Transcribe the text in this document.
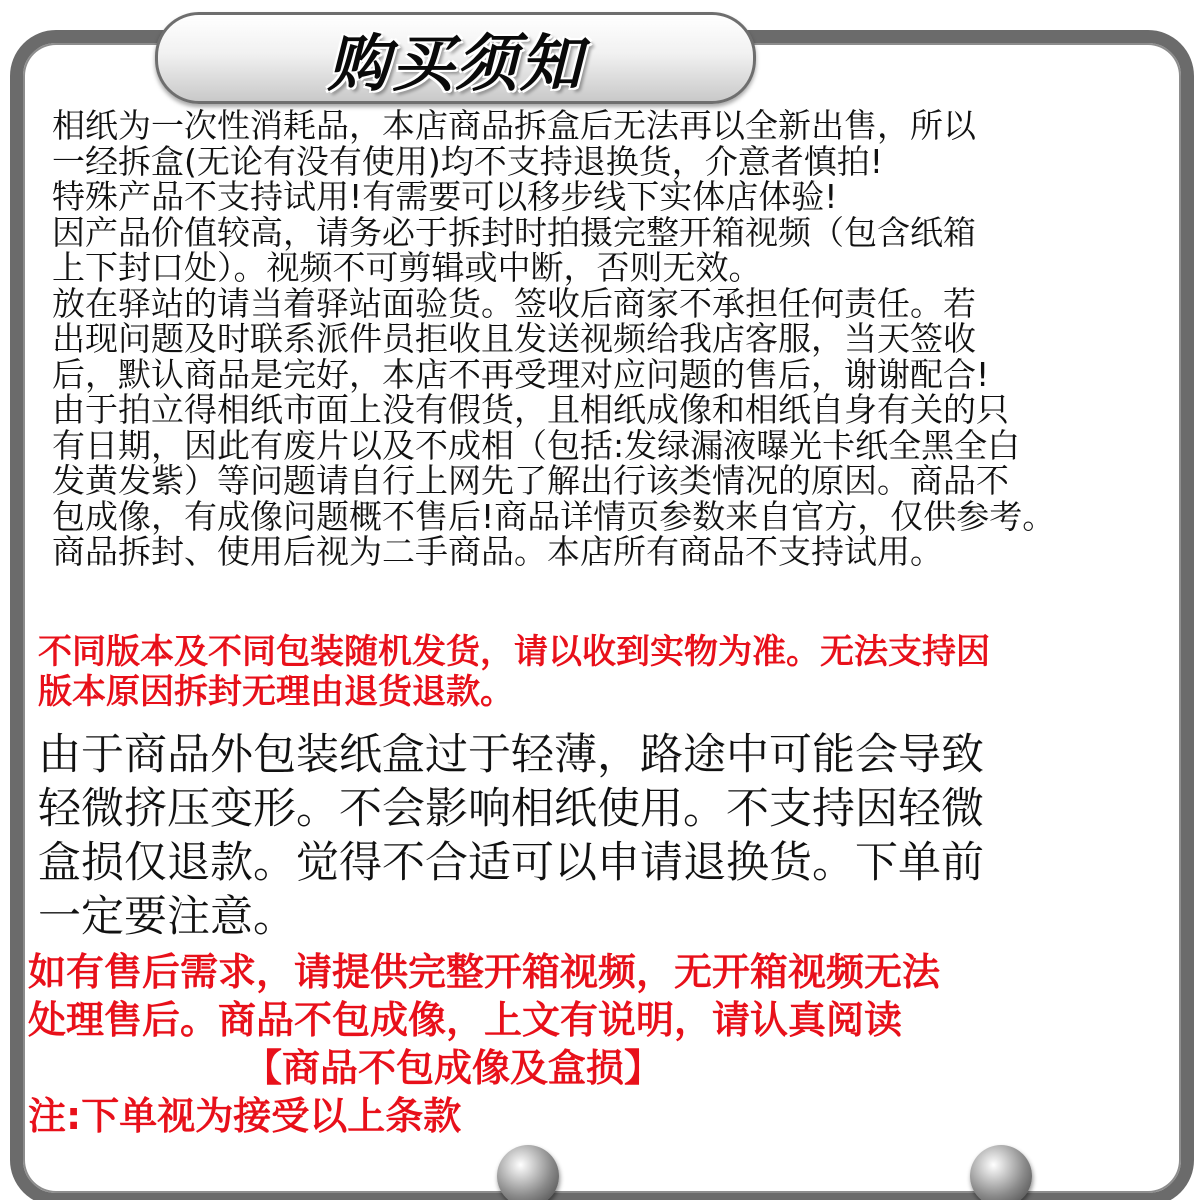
购买须知
相纸为一次性消耗品，本店商品拆盒后无法再以全新出售，所以
一经拆盒(无论有没有使用)均不支持退换货，介意者慎拍!
特殊产品不支持试用!有需要可以移步线下实体店体验!
因产品价值较高，请务必于拆封时拍摄完整开箱视频（包含纸箱
上下封口处）。视频不可剪辑或中断，否则无效。
放在驿站的请当着驿站面验货。签收后商家不承担任何责任。若
出现问题及时联系派件员拒收且发送视频给我店客服，当天签收
后，默认商品是完好，本店不再受理对应问题的售后，谢谢配合!
由于拍立得相纸市面上没有假货，且相纸成像和相纸自身有关的只
有日期，因此有废片以及不成相（包括:发绿漏液曝光卡纸全黑全白
发黄发紫）等问题请自行上网先了解出行该类情况的原因。商品不
包成像，有成像问题概不售后!商品详情页参数来自官方，仅供参考。
商品拆封、使用后视为二手商品。本店所有商品不支持试用。
不同版本及不同包装随机发货，请以收到实物为准。无法支持因
版本原因拆封无理由退货退款。
由于商品外包装纸盒过于轻薄，路途中可能会导致
轻微挤压变形。不会影响相纸使用。不支持因轻微
盒损仅退款。觉得不合适可以申请退换货。下单前
一定要注意。
如有售后需求，请提供完整开箱视频，无开箱视频无法
处理售后。商品不包成像，上文有说明，请认真阅读
【商品不包成像及盒损】
注:下单视为接受以上条款
